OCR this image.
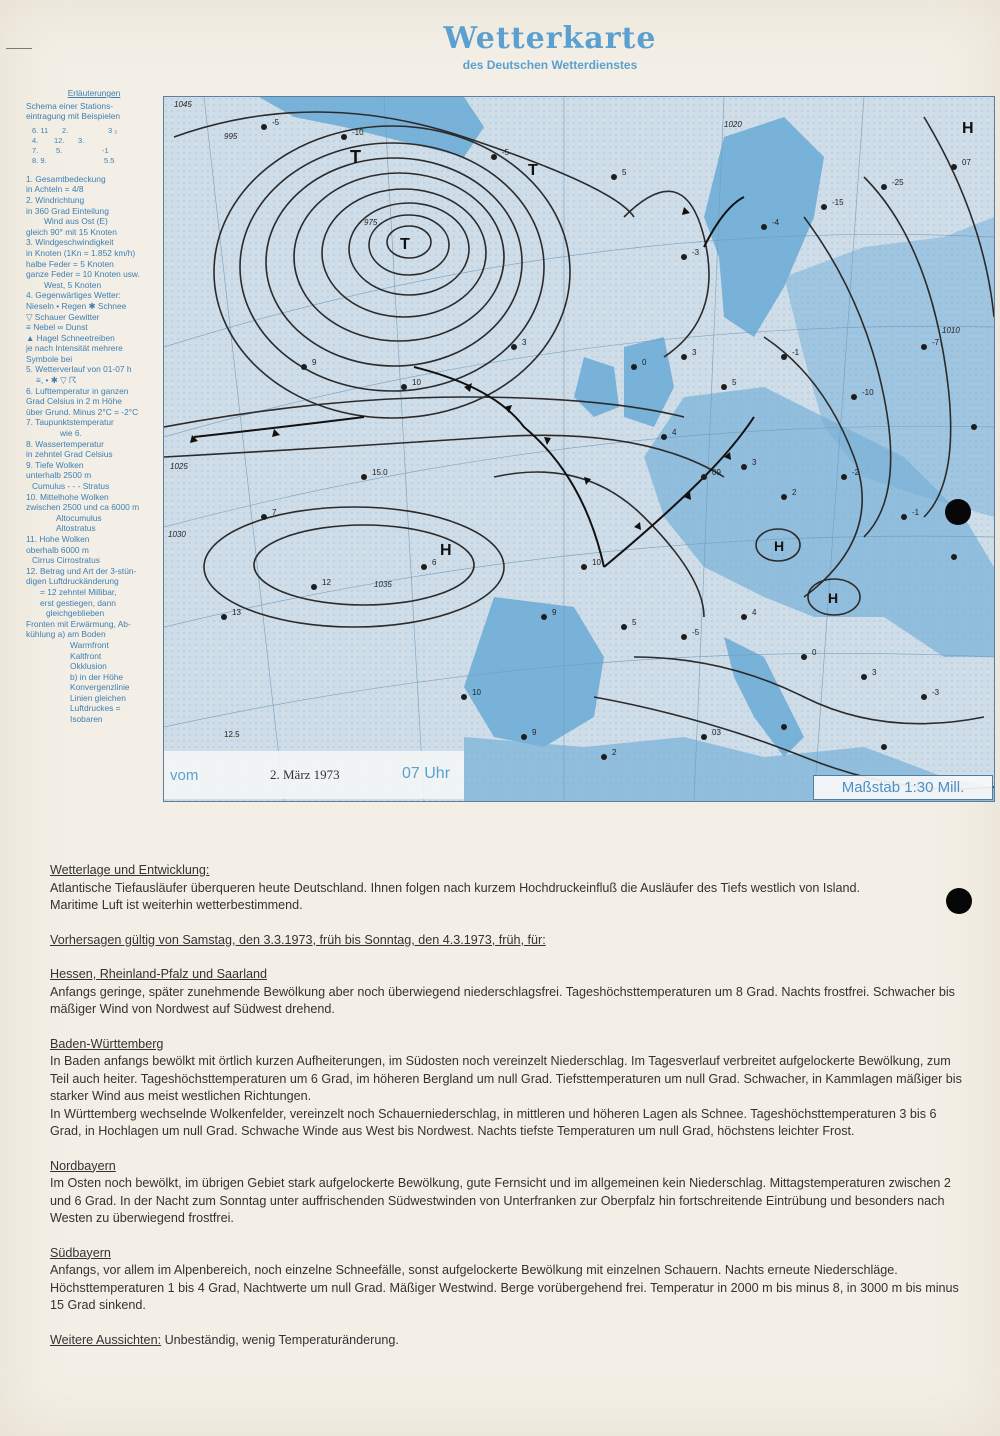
Wetterkarte
des Deutschen Wetterdienstes
Erläuterungen
Schema einer Stations-
eintragung mit Beispielen
6. 11 2.	3 ₂
4. 12. 3.
7. 5.	-1
8. 9.	5.5
1. Gesamtbedeckung
in Achteln = 4/8
2. Windrichtung
in 360 Grad Einteilung
Wind aus Ost (E)
gleich 90° mit 15 Knoten
3. Windgeschwindigkeit
in Knoten (1Kn = 1.852 km/h)
halbe Feder = 5 Knoten
ganze Feder = 10 Knoten usw.
West, 5 Knoten
4. Gegenwärtiges Wetter:
Nieseln • Regen ✱ Schnee
▽ Schauer Gewitter
≡ Nebel ∞ Dunst
▲ Hagel Schneetreiben
je nach Intensität mehrere
Symbole bei
5. Wetterverlauf von 01-07 h
≡, • ✱ ▽ ☈
6. Lufttemperatur in ganzen
Grad Celsius in 2 m Höhe
über Grund. Minus 2°C = -2°C
7. Taupunktstemperatur
wie 6.
8. Wassertemperatur
in zehntel Grad Celsius
9. Tiefe Wolken
unterhalb 2500 m
Cumulus - - - Stratus
10. Mittelhohe Wolken
zwischen 2500 und ca 6000 m
Altocumulus
Altostratus
11. Hohe Wolken
oberhalb 6000 m
Cirrus Cirrostratus
12. Betrag und Art der 3-stün-
digen Luftdruckänderung
= 12 zehntel Millibar,
erst gestiegen, dann
gleichgeblieben
Fronten mit Erwärmung, Ab-
kühlung a) am Boden
Warmfront
Kaltfront
Okklusion
b) in der Höhe
Konvergenzlinie
Linien gleichen
Luftdruckes =
Isobaren
-5
-10
-5
5
-3
-4
-15
-25
07
9
10
3
0
3
5
-1
-10
-7
4
09
3
2
-2
-1
10
9
5
-5
4
0
3
-3
10
9
2
03
12
13
7
6
15.0
12.5
1045
1035
1030
1025
1020
1010
995
975
T
T
T
H	H
H
H
vom	2. März 1973	07 Uhr
Maßstab 1:30 Mill.

Wetterlage und Entwicklung:

Atlantische Tiefausläufer überqueren heute Deutschland. Ihnen folgen nach kurzem Hochdruckeinfluß die Ausläufer des Tiefs westlich von Island.

Maritime Luft ist weiterhin wetterbestimmend.

Vorhersagen gültig von Samstag, den 3.3.1973, früh bis Sonntag, den 4.3.1973, früh, für:

Hessen, Rheinland-Pfalz und Saarland

Anfangs geringe, später zunehmende Bewölkung aber noch überwiegend niederschlagsfrei. Tageshöchsttemperaturen um 8 Grad. Nachts frostfrei. Schwacher bis mäßiger Wind von Nordwest auf Südwest drehend.

Baden-Württemberg

In Baden anfangs bewölkt mit örtlich kurzen Aufheiterungen, im Südosten noch vereinzelt Niederschlag. Im Tagesverlauf verbreitet aufgelockerte Bewölkung, zum Teil auch heiter. Tageshöchsttemperaturen um 6 Grad, im höheren Bergland um null Grad. Tiefsttemperaturen um null Grad. Schwacher, in Kammlagen mäßiger bis starker Wind aus meist westlichen Richtungen.

In Württemberg wechselnde Wolkenfelder, vereinzelt noch Schauerniederschlag, in mittleren und höheren Lagen als Schnee. Tageshöchsttemperaturen 3 bis 6 Grad, in Hochlagen um null Grad. Schwache Winde aus West bis Nordwest. Nachts tiefste Temperaturen um null Grad, höchstens leichter Frost.

Nordbayern

Im Osten noch bewölkt, im übrigen Gebiet stark aufgelockerte Bewölkung, gute Fernsicht und im allgemeinen kein Niederschlag. Mittagstemperaturen zwischen 2 und 6 Grad. In der Nacht zum Sonntag unter auffrischenden Südwestwinden von Unterfranken zur Oberpfalz hin fortschreitende Eintrübung und besonders nach Westen zu überwiegend frostfrei.

Südbayern

Anfangs, vor allem im Alpenbereich, noch einzelne Schneefälle, sonst aufgelockerte Bewölkung mit einzelnen Schauern. Nachts erneute Niederschläge. Höchsttemperaturen 1 bis 4 Grad, Nachtwerte um null Grad. Mäßiger Westwind. Berge vorübergehend frei. Temperatur in 2000 m bis minus 8, in 3000 m bis minus 15 Grad sinkend.

Weitere Aussichten: Unbeständig, wenig Temperaturänderung.
